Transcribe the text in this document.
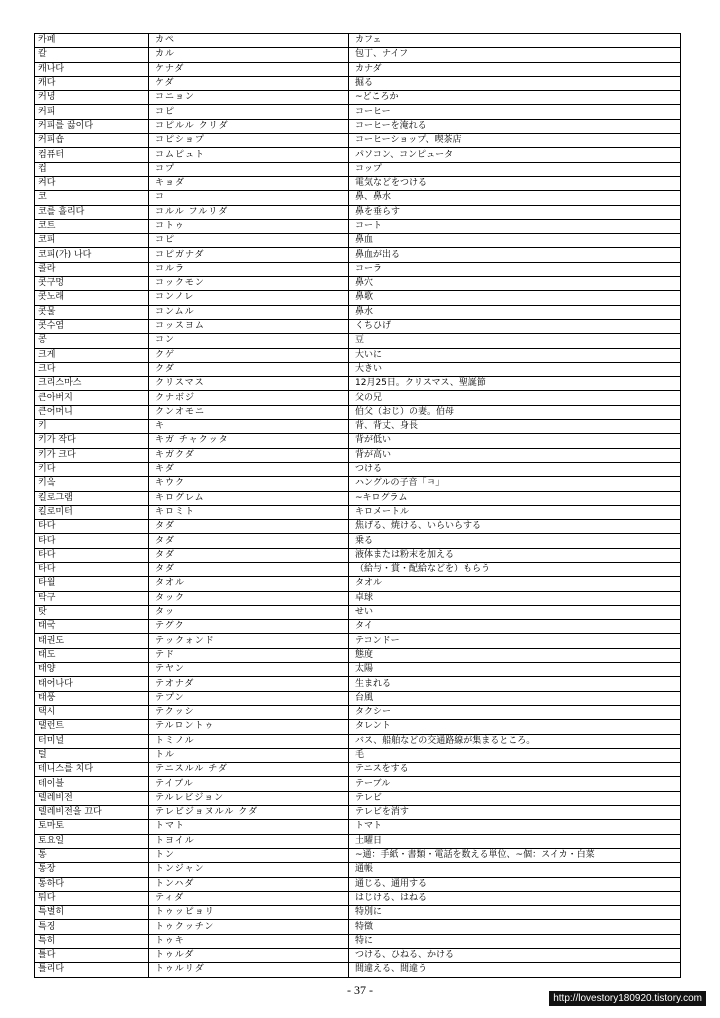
카페	カペ	カフェ
칼	カル	包丁、ナイフ
캐나다	ケナダ	カナダ
캐다	ケダ	掘る
커녕	コニョン	~どころか
커피	コピ	コーヒー
커피를 끓이다	コピルル クリダ	コーヒーを淹れる
커피숍	コピショプ	コーヒーショップ、喫茶店
컴퓨터	コムピュト	パソコン、コンピュータ
컵	コプ	コップ
켜다	キョダ	電気などをつける
코	コ	鼻、鼻水
코를 흘리다	コルル フルリダ	鼻を垂らす
코트	コトゥ	コート
코피	コピ	鼻血
코피(가) 나다	コピガナダ	鼻血が出る
콜라	コルラ	コーラ
콧구멍	コックモン	鼻穴
콧노래	コンノレ	鼻歌
콧물	コンムル	鼻水
콧수염	コッスヨム	くちひげ
콩	コン	豆
크게	クゲ	大いに
크다	クダ	大きい
크리스마스	クリスマス	12月25日。クリスマス、聖誕節
큰아버지	クナボジ	父の兄
큰어머니	クンオモニ	伯父（おじ）の妻。伯母
키	キ	背、背丈、身長
키가 작다	キガ チャクッタ	背が低い
키가 크다	キガクダ	背が高い
키다	キダ	つける
키읔	キウク	ハングルの子音「ㅋ」
킬로그램	キログレム	~キログラム
킬로미터	キロミト	キロメートル
타다	タダ	焦げる、焼ける、いらいらする
타다	タダ	乗る
타다	タダ	液体または粉末を加える
타다	タダ	（給与・賞・配給などを）もらう
타월	タオル	タオル
탁구	タック	卓球
탓	タッ	せい
태국	テグク	タイ
태권도	テックォンド	テコンドー
태도	テド	態度
태양	テヤン	太陽
태어나다	テオナダ	生まれる
태풍	テプン	台風
택시	テクッシ	タクシー
탤런트	テルロントゥ	タレント
터미널	トミノル	バス、船舶などの交通路線が集まるところ。
털	トル	毛
테니스를 치다	テニスルル チダ	テニスをする
테이블	テイブル	テーブル
텔레비전	テルレビジョン	テレビ
텔레비전을 끄다	テレビジョヌルル クダ	テレビを消す
토마토	トマト	トマト
토요일	トヨイル	土曜日
통	トン	~通：手紙・書類・電話を数える単位、~個：スイカ・白菜
통장	トンジャン	通帳
통하다	トンハダ	通じる、通用する
튀다	ティダ	はじける、はねる
특별히	トゥッピョリ	特別に
특징	トゥクッチン	特徴
특히	トゥキ	特に
틀다	トゥルダ	つける、ひねる、かける
틀리다	トゥルリダ	間違える、間違う
- 37 -
http://lovestory180920.tistory.com
